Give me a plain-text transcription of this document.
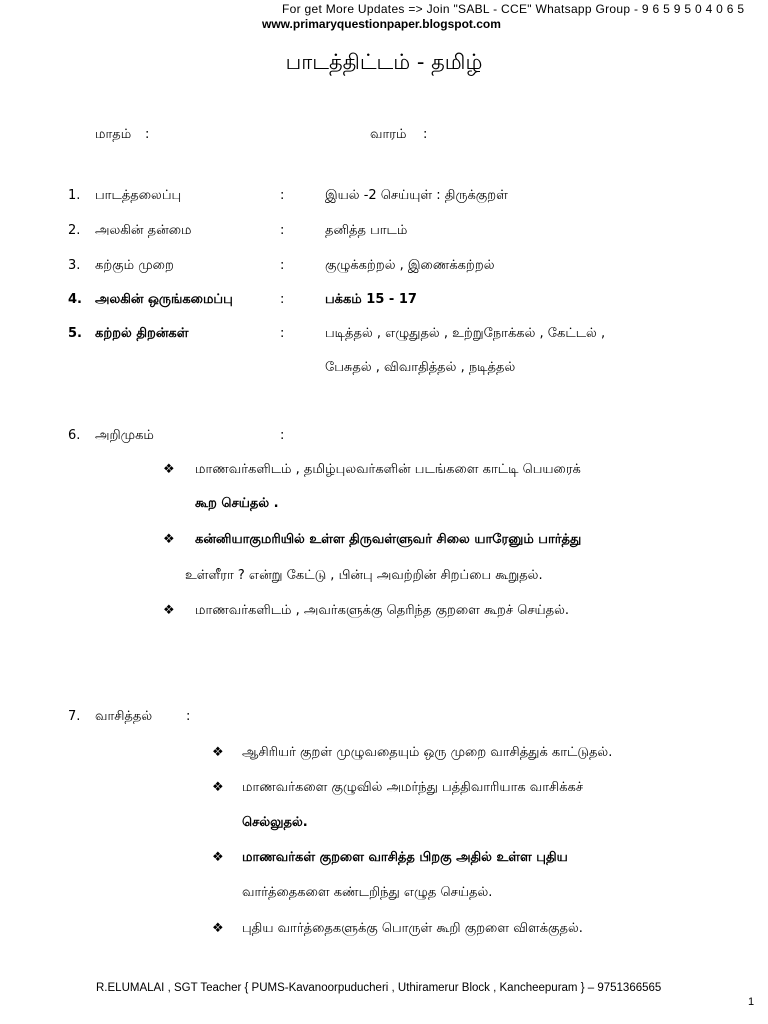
For get More Updates => Join "SABL - CCE" Whatsapp Group - 9 6 5 9 5 0 4 0 6 5
www.primaryquestionpaper.blogspot.com
பாடத்திட்டம் - தமிழ்
மாதம் :	வாரம் :
1. பாடத்தலைப்பு	:	இயல் -2 செய்யுள் : திருக்குறள்
2. அலகின் தன்மை	:	தனித்த பாடம்
3. கற்கும் முறை	:	குழுக்கற்றல் , இணைக்கற்றல்
4. அலகின் ஒருங்கமைப்பு	:	பக்கம் 15 - 17
5. கற்றல் திறன்கள்	:	படித்தல் , எழுதுதல் , உற்றுநோக்கல் , கேட்டல் ,
பேசுதல் , விவாதித்தல் , நடித்தல்
6. அறிமுகம்	:
❖ மாணவர்களிடம் , தமிழ்புலவர்களின் படங்களை காட்டி பெயரைக்
கூற செய்தல் .
❖ கன்னியாகுமரியில் உள்ள திருவள்ளுவர் சிலை யாரேனும் பார்த்து
உள்ளீரா ? என்று கேட்டு , பின்பு அவற்றின் சிறப்பை கூறுதல்.
❖ மாணவர்களிடம் , அவர்களுக்கு தெரிந்த குறளை கூறச் செய்தல்.
7. வாசித்தல்	:
❖ ஆசிரியர் குறள் முழுவதையும் ஒரு முறை வாசித்துக் காட்டுதல்.
❖ மாணவர்களை குழுவில் அமர்ந்து பத்திவாரியாக வாசிக்கச்
செல்லுதல்.
❖ மாணவர்கள் குறளை வாசித்த பிறகு அதில் உள்ள புதிய
வார்த்தைகளை கண்டறிந்து எழுத செய்தல்.
❖ புதிய வார்த்தைகளுக்கு பொருள் கூறி குறளை விளக்குதல்.
R.ELUMALAI , SGT Teacher { PUMS-Kavanoorpuducheri , Uthiramerur Block , Kancheepuram } – 9751366565
1
